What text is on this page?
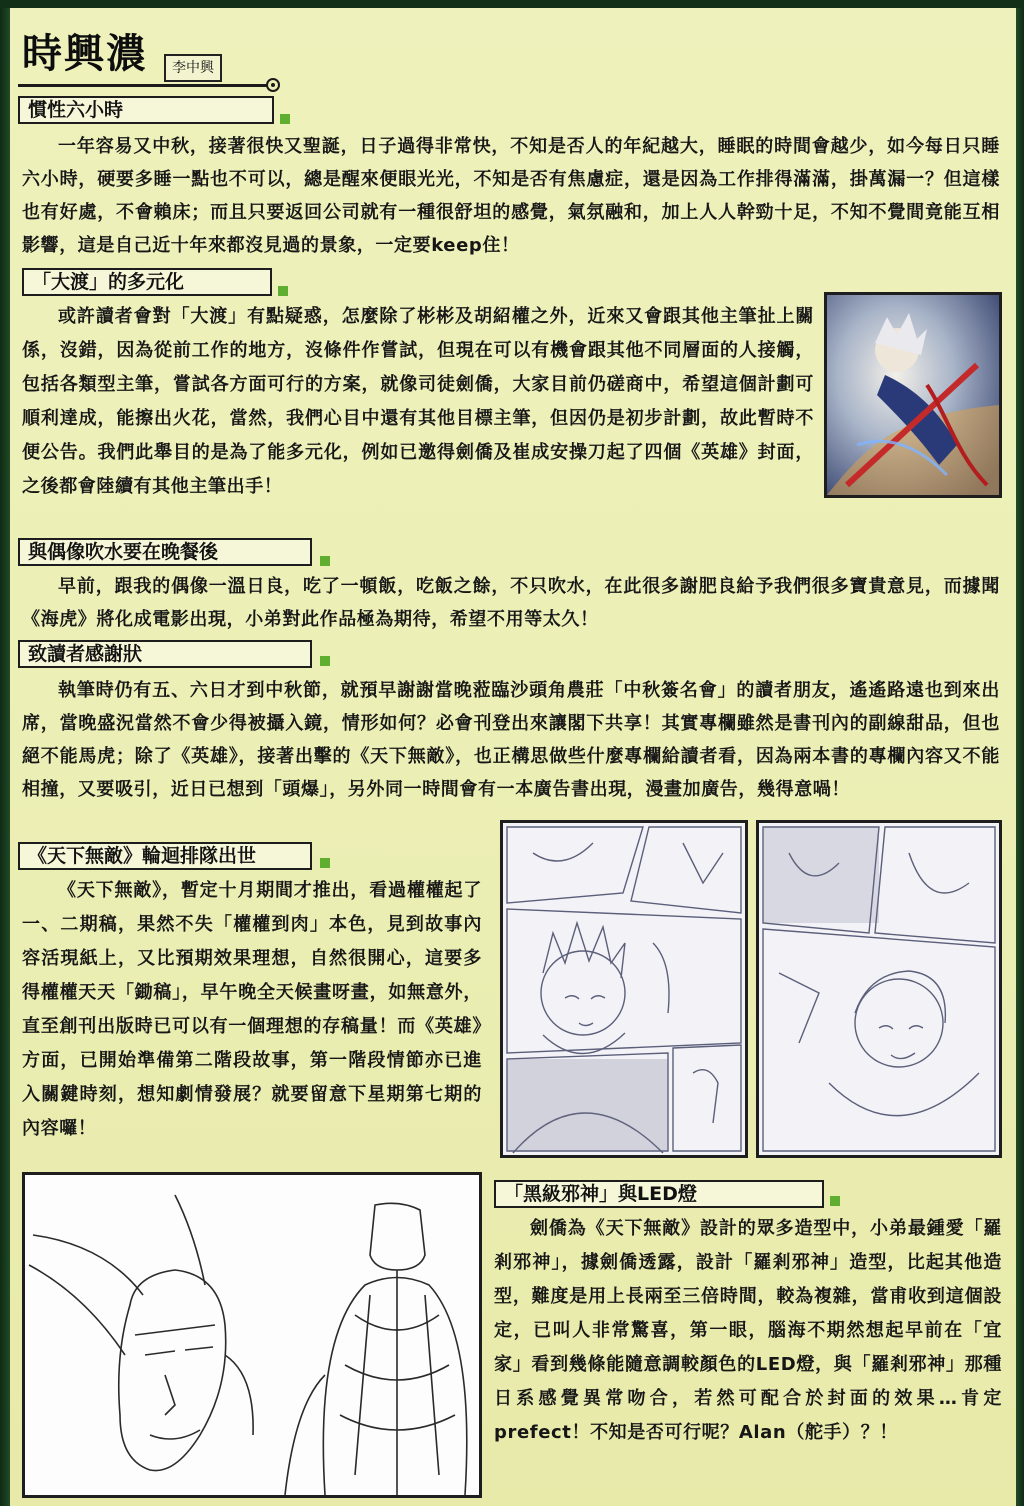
時興濃	李中興
慣性六小時

一年容易又中秋，接著很快又聖誕，日子過得非常快，不知是否人的年紀越大，睡眠的時間會越少，如今每日只睡六小時，硬要多睡一點也不可以，總是醒來便眼光光，不知是否有焦慮症，還是因為工作排得滿滿，掛萬漏一？但這樣也有好處，不會賴床；而且只要返回公司就有一種很舒坦的感覺，氣氛融和，加上人人幹勁十足，不知不覺間竟能互相影響，這是自己近十年來都沒見過的景象，一定要keep住！

「大渡」的多元化

或許讀者會對「大渡」有點疑惑，怎麼除了彬彬及胡紹權之外，近來又會跟其他主筆扯上關係，沒錯，因為從前工作的地方，沒條件作嘗試，但現在可以有機會跟其他不同層面的人接觸，包括各類型主筆，嘗試各方面可行的方案，就像司徒劍僑，大家目前仍磋商中，希望這個計劃可順利達成，能擦出火花，當然，我們心目中還有其他目標主筆，但因仍是初步計劃，故此暫時不便公告。我們此舉目的是為了能多元化，例如已邀得劍僑及崔成安操刀起了四個《英雄》封面，之後都會陸續有其他主筆出手！

與偶像吹水要在晚餐後

早前，跟我的偶像一溫日良，吃了一頓飯，吃飯之餘，不只吹水，在此很多謝肥良給予我們很多寶貴意見，而據聞《海虎》將化成電影出現，小弟對此作品極為期待，希望不用等太久！

致讀者感謝狀

執筆時仍有五、六日才到中秋節，就預早謝謝當晚蒞臨沙頭角農莊「中秋簽名會」的讀者朋友，遙遙路遠也到來出席，當晚盛況當然不會少得被攝入鏡，情形如何？必會刊登出來讓閣下共享！其實專欄雖然是書刊內的副線甜品，但也絕不能馬虎；除了《英雄》，接著出擊的《天下無敵》，也正構思做些什麼專欄給讀者看，因為兩本書的專欄內容又不能相撞，又要吸引，近日已想到「頭爆」，另外同一時間會有一本廣告書出現，漫畫加廣告，幾得意喎！

《天下無敵》輪迴排隊出世

《天下無敵》，暫定十月期間才推出，看過權權起了一、二期稿，果然不失「權權到肉」本色，見到故事內容活現紙上，又比預期效果理想，自然很開心，這要多得權權天天「鋤稿」，早午晚全天候畫呀畫，如無意外，直至創刊出版時已可以有一個理想的存稿量！而《英雄》方面，已開始準備第二階段故事，第一階段情節亦已進入關鍵時刻，想知劇情發展？就要留意下星期第七期的內容囉！

「黑級邪神」與LED燈

劍僑為《天下無敵》設計的眾多造型中，小弟最鍾愛「羅剎邪神」，據劍僑透露，設計「羅剎邪神」造型，比起其他造型，難度是用上長兩至三倍時間，較為複雜，當甫收到這個設定，已叫人非常驚喜，第一眼，腦海不期然想起早前在「宜家」看到幾條能隨意調較顏色的LED燈，與「羅剎邪神」那種日系感覺異常吻合，若然可配合於封面的效果…肯定prefect！不知是否可行呢？Alan（舵手）？！
